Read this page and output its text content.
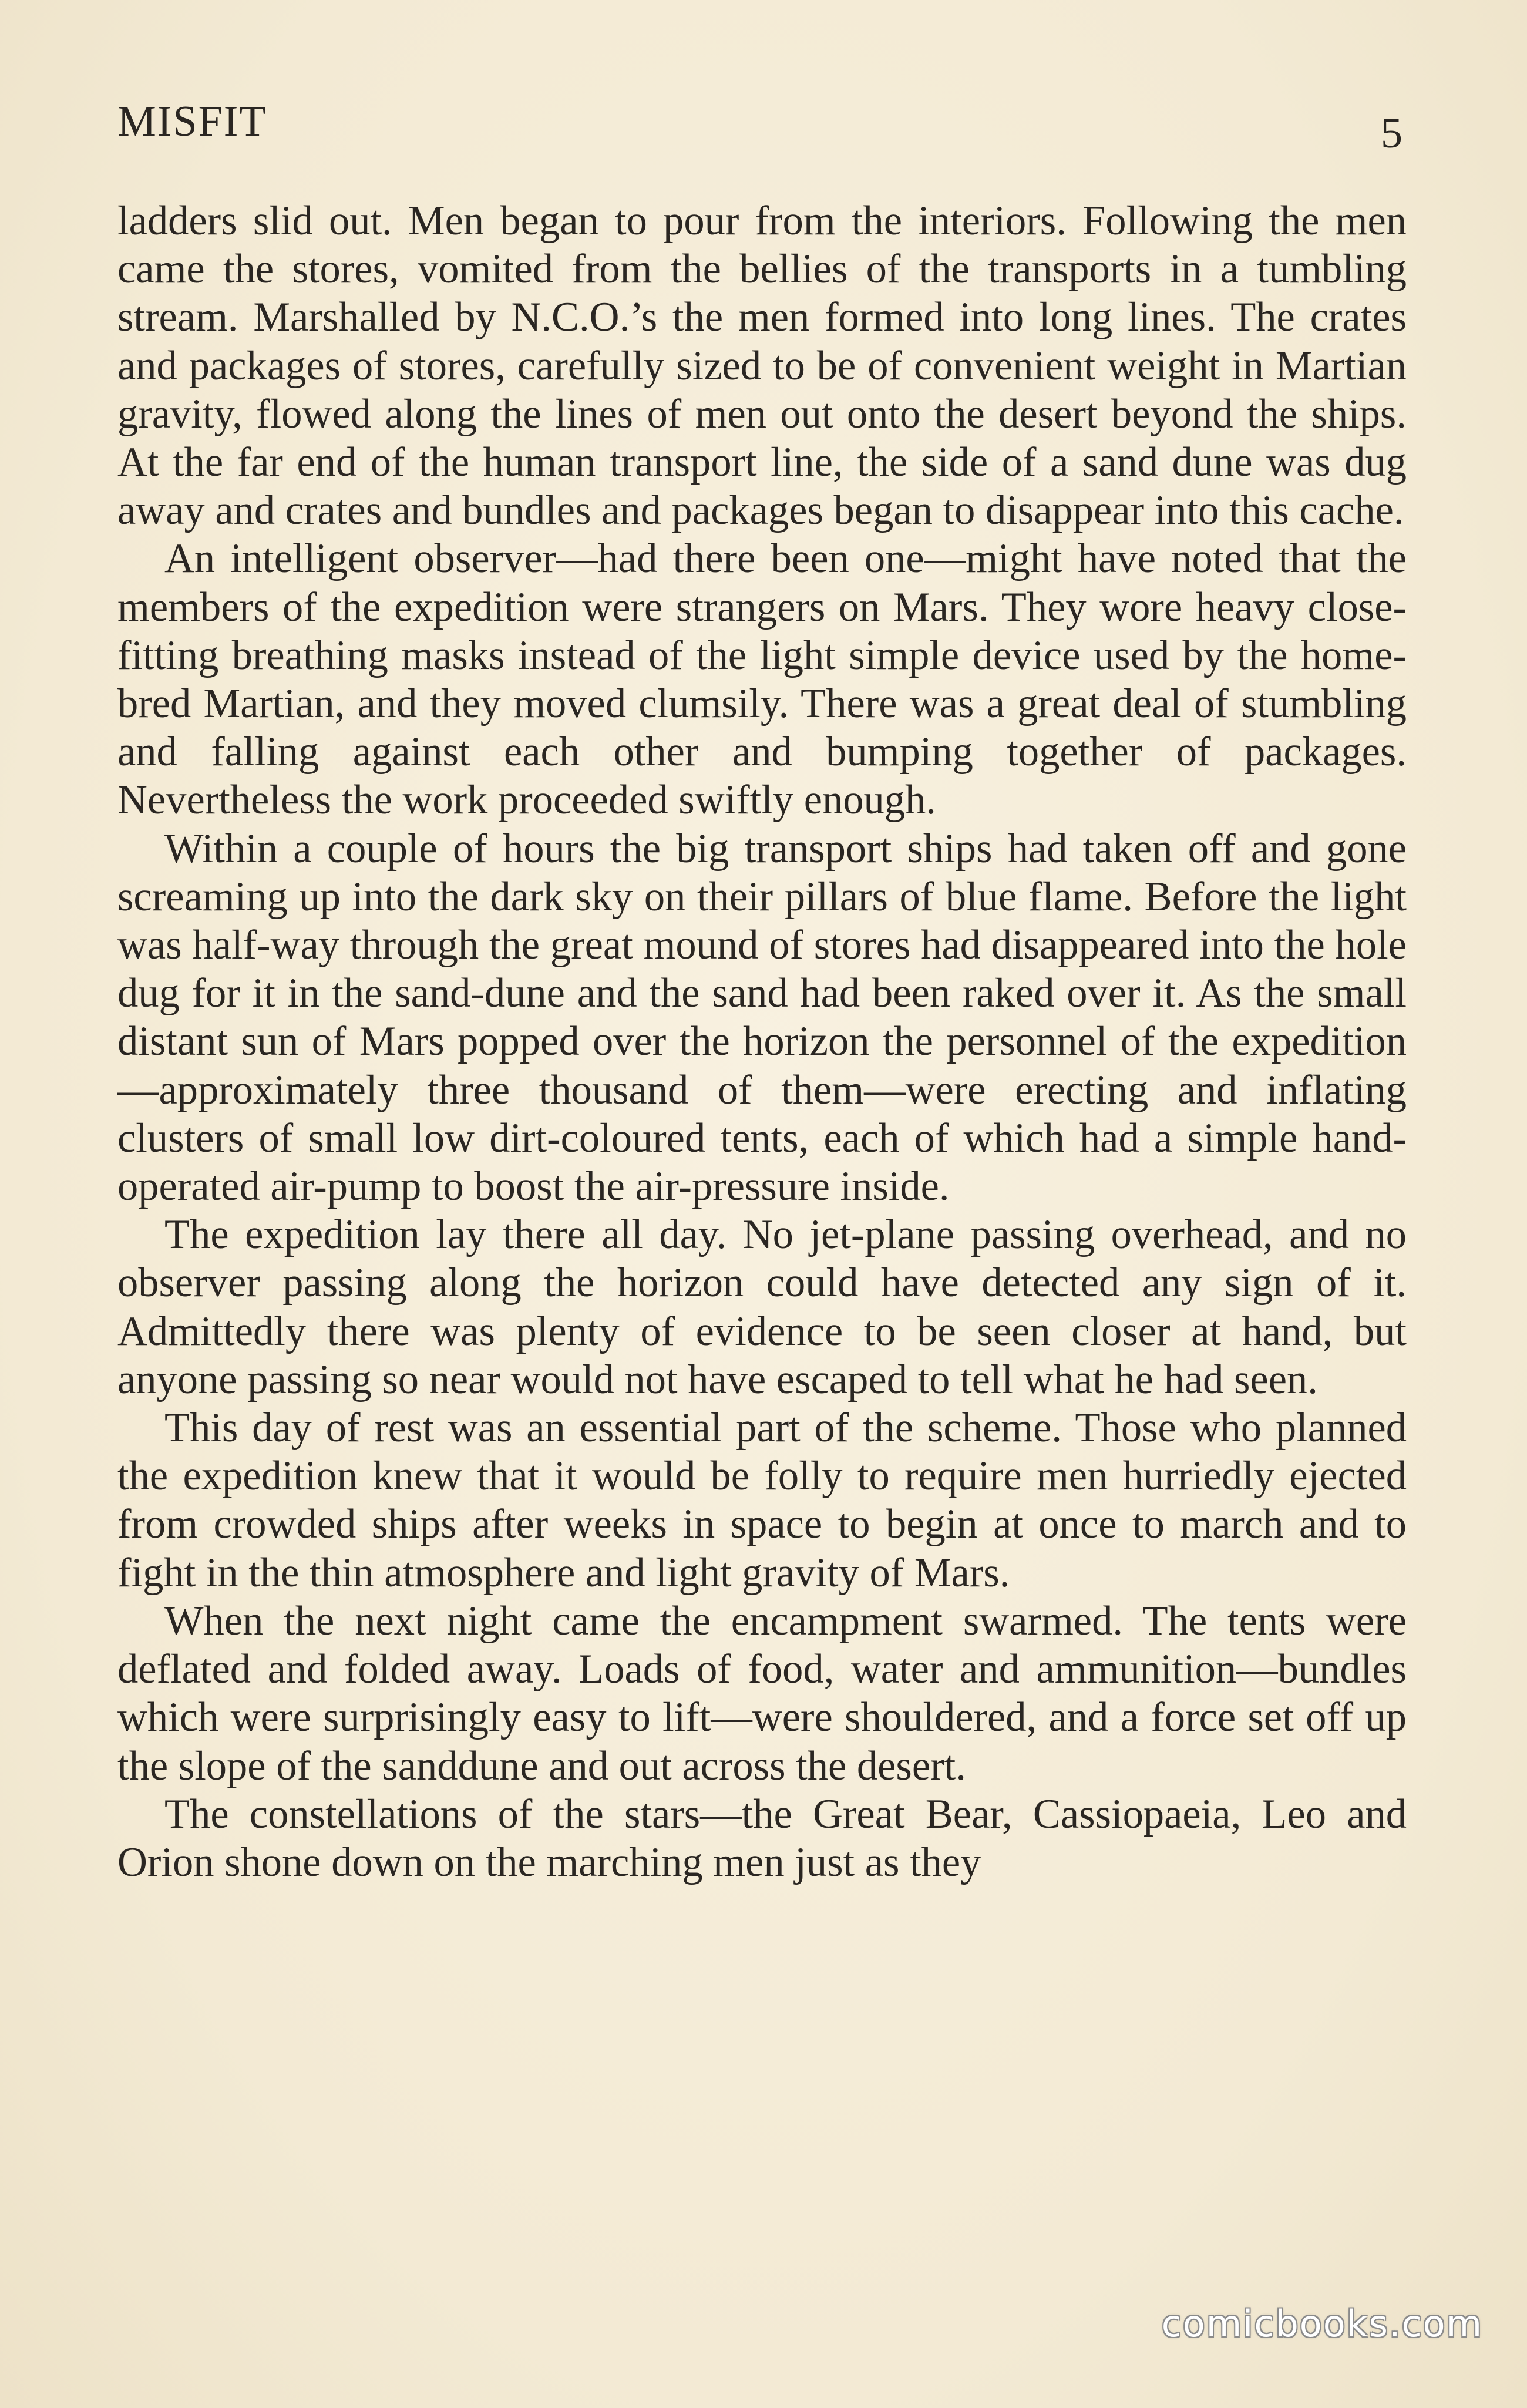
MISFIT	5

ladders slid out. Men began to pour from the interiors. Following the men came the stores, vomited from the bellies of the transports in a tumbling stream. Marshalled by N.C.O.’s the men formed into long lines. The crates and packages of stores, carefully sized to be of convenient weight in Martian gravity, flowed along the lines of men out onto the desert beyond the ships. At the far end of the human transport line, the side of a sand dune was dug away and crates and bundles and packages began to disappear into this cache.

An intelligent observer—had there been one—might have noted that the members of the expedition were strangers on Mars. They wore heavy close-fitting breathing masks instead of the light simple device used by the home-bred Martian, and they moved clumsily. There was a great deal of stumbling and falling against each other and bumping together of packages. Nevertheless the work proceeded swiftly enough.

Within a couple of hours the big transport ships had taken off and gone screaming up into the dark sky on their pillars of blue flame. Before the light was half-way through the great mound of stores had disappeared into the hole dug for it in the sand-dune and the sand had been raked over it. As the small distant sun of Mars popped over the horizon the personnel of the expedition—approximately three thousand of them—were erecting and inflating clusters of small low dirt-coloured tents, each of which had a simple hand-operated air-pump to boost the air-pressure inside.

The expedition lay there all day. No jet-plane passing overhead, and no observer passing along the horizon could have detected any sign of it. Admittedly there was plenty of evidence to be seen closer at hand, but anyone passing so near would not have escaped to tell what he had seen.

This day of rest was an essential part of the scheme. Those who planned the expedition knew that it would be folly to require men hurriedly ejected from crowded ships after weeks in space to begin at once to march and to fight in the thin atmosphere and light gravity of Mars.

When the next night came the encampment swarmed. The tents were deflated and folded away. Loads of food, water and ammunition—bundles which were surprisingly easy to lift—were shouldered, and a force set off up the slope of the sanddune and out across the desert.

The constellations of the stars—the Great Bear, Cassiopaeia, Leo and Orion shone down on the marching men just as they

comicbooks.com
